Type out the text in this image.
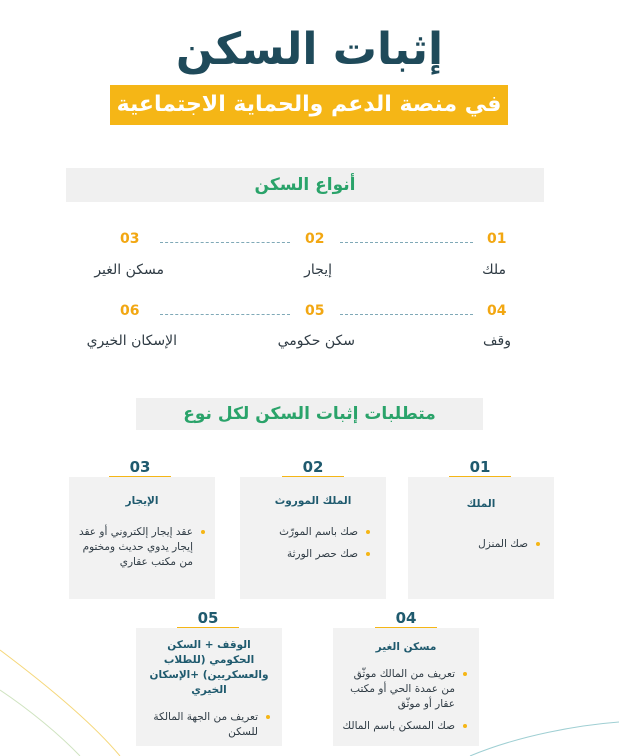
إثبات السكن
في منصة الدعم والحماية الاجتماعية
أنواع السكن
01
ملك
02
إيجار
03
مسكن الغير
04
وقف
05
سكن حكومي
06
الإسكان الخيري
متطلبات إثبات السكن لكل نوع
01
الملك
صك المنزل
02
الملك الموروث
صك باسم المورّث
صك حصر الورثة
03
الإيجار
عقد إيجار إلكتروني أو عقد إيجار يدوي حديث ومختوم من مكتب عقاري
04
مسكن الغير
تعريف من المالك موثّق من عمدة الحي أو مكتب عقار أو موثّق
صك المسكن باسم المالك
05
الوقف + السكن الحكومي (للطلاب والعسكريين) +الإسكان الخيري
تعريف من الجهة المالكة للسكن
